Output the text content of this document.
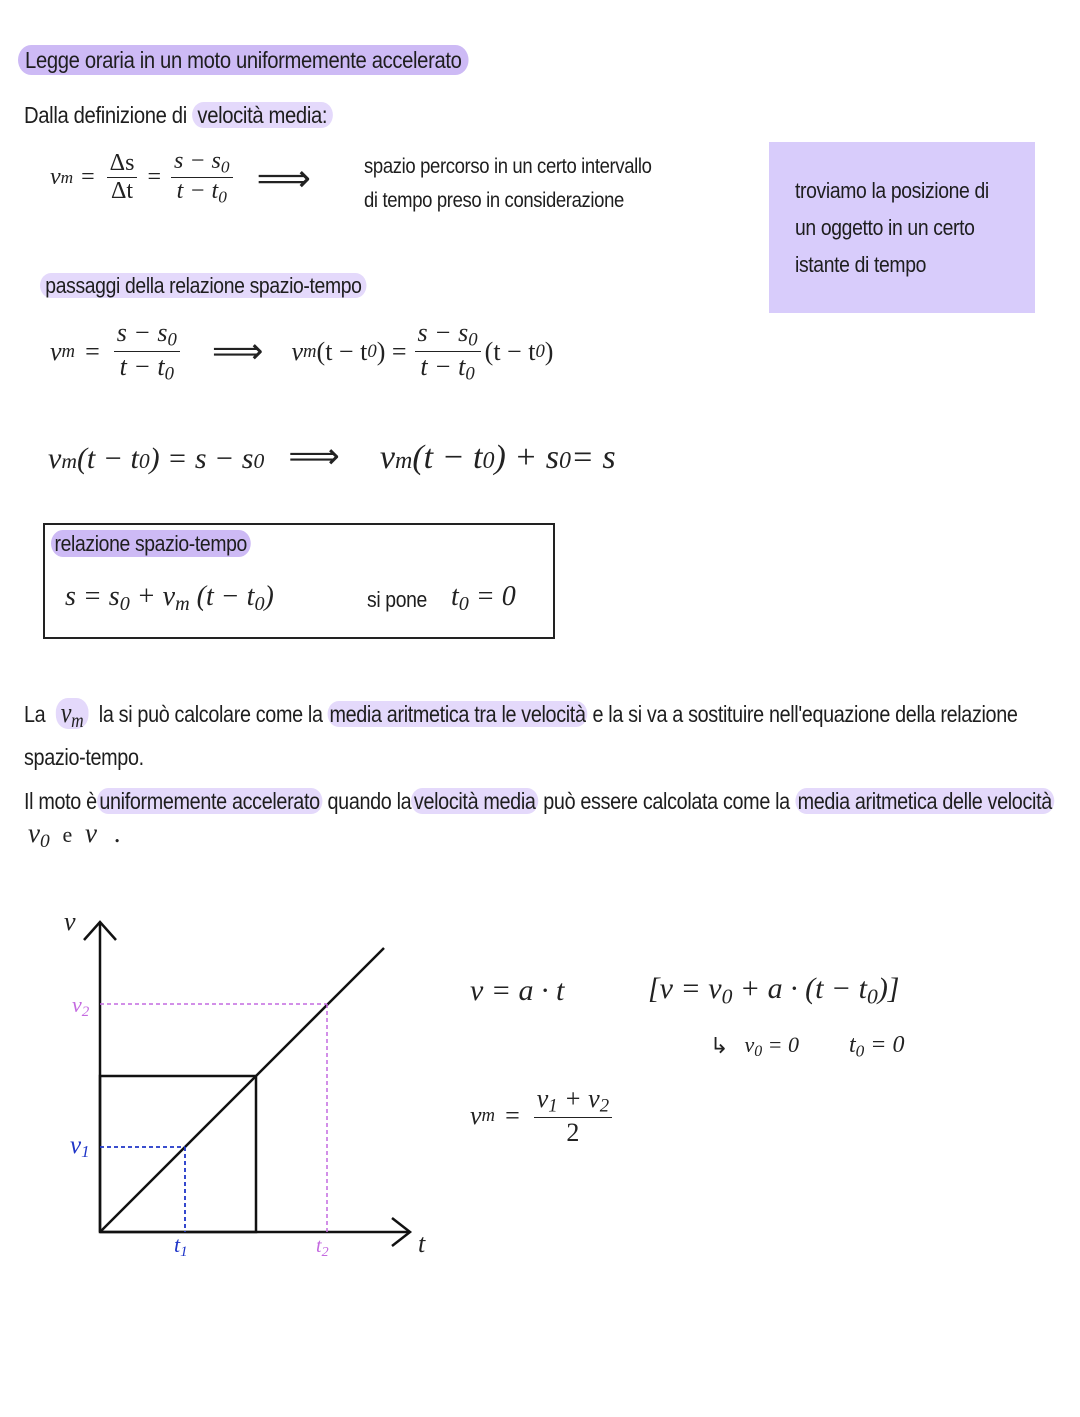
Legge oraria in un moto uniformemente accelerato
Dalla definizione di velocità media:
v $m = \frac{\Delta s}{\Delta t} = \frac{s - s_0}{t - t_0}$ ⟹	spazio percorso in un certo intervallo
di tempo preso in considerazione	troviamo la posizione di
un oggetto in un certo
istante di tempo
passaggi della relazione spazio-tempo
v $m = \frac{s - s_0}{t - t_0}$ ⟹ v m (t − t 0 ) = $\frac{s - s_0}{t - t_0} (t - t$ 0 )
v m (t − t 0 ) = s − s 0 ⟹ v m (t − t 0 ) + s 0 = s
relazione spazio-tempo
$s = s_0 + v_m$ $(t - t_0)$	si pone $t_0 = 0$
La $v_m$ la si può calcolare come la media aritmetica tra le velocità e la si va a sostituire nell'equazione della relazione
spazio-tempo.
Il moto è uniformemente accelerato quando la velocità media può essere calcolata come la media aritmetica delle velocità
$v_0$ e v .
v
t
v2
v1
t1	$t_2$
v = a · t	$[v = v_0 + a \cdot (t - t_0)]$
↳ $v_0 = 0$ $t_0 = 0$
v $m = \frac{v_1 + v_2}{2}$
